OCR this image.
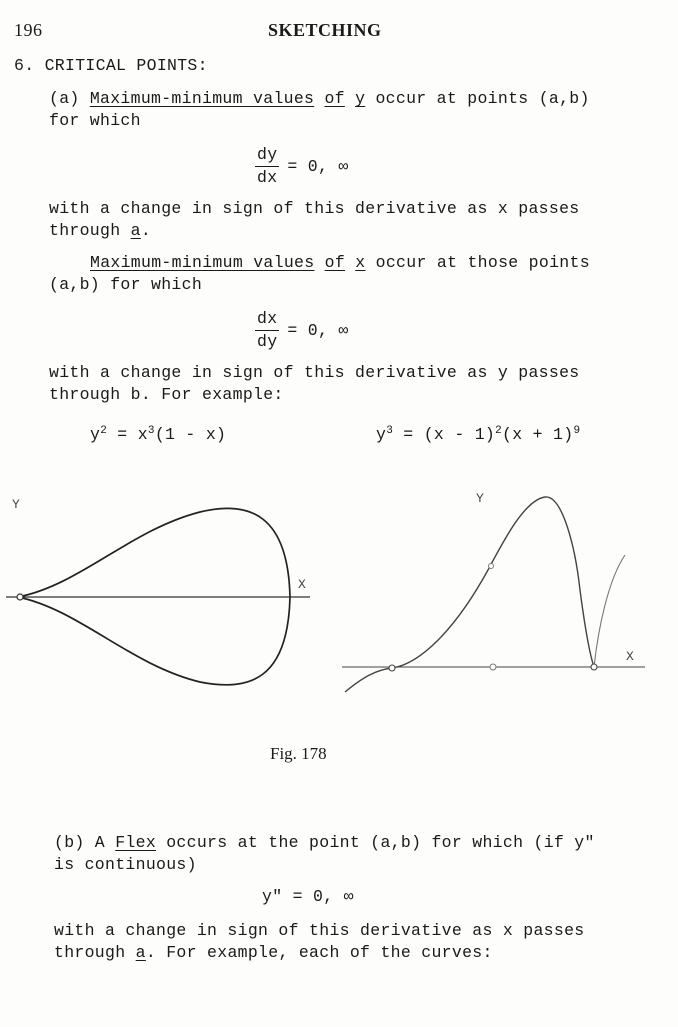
196	SKETCHING
6. CRITICAL POINTS:
(a) Maximum-minimum values of y occur at points (a,b)
for which
$\frac{dy}{dx} = 0$, ∞
with a change in sign of this derivative as x passes
through a.
Maximum-minimum values of x occur at those points
(a,b) for which
$\frac{dx}{dy} = 0$, ∞
with a change in sign of this derivative as y passes
through b. For example:
$y^2 = x^3(1 - x)$	$y^3 = (x - 1)^2(x + 1)^9$
Y
X
Y
X
Fig. 178
(b) A Flex occurs at the point (a,b) for which (if y"
is continuous)
y" = 0, ∞
with a change in sign of this derivative as x passes
through a. For example, each of the curves:
